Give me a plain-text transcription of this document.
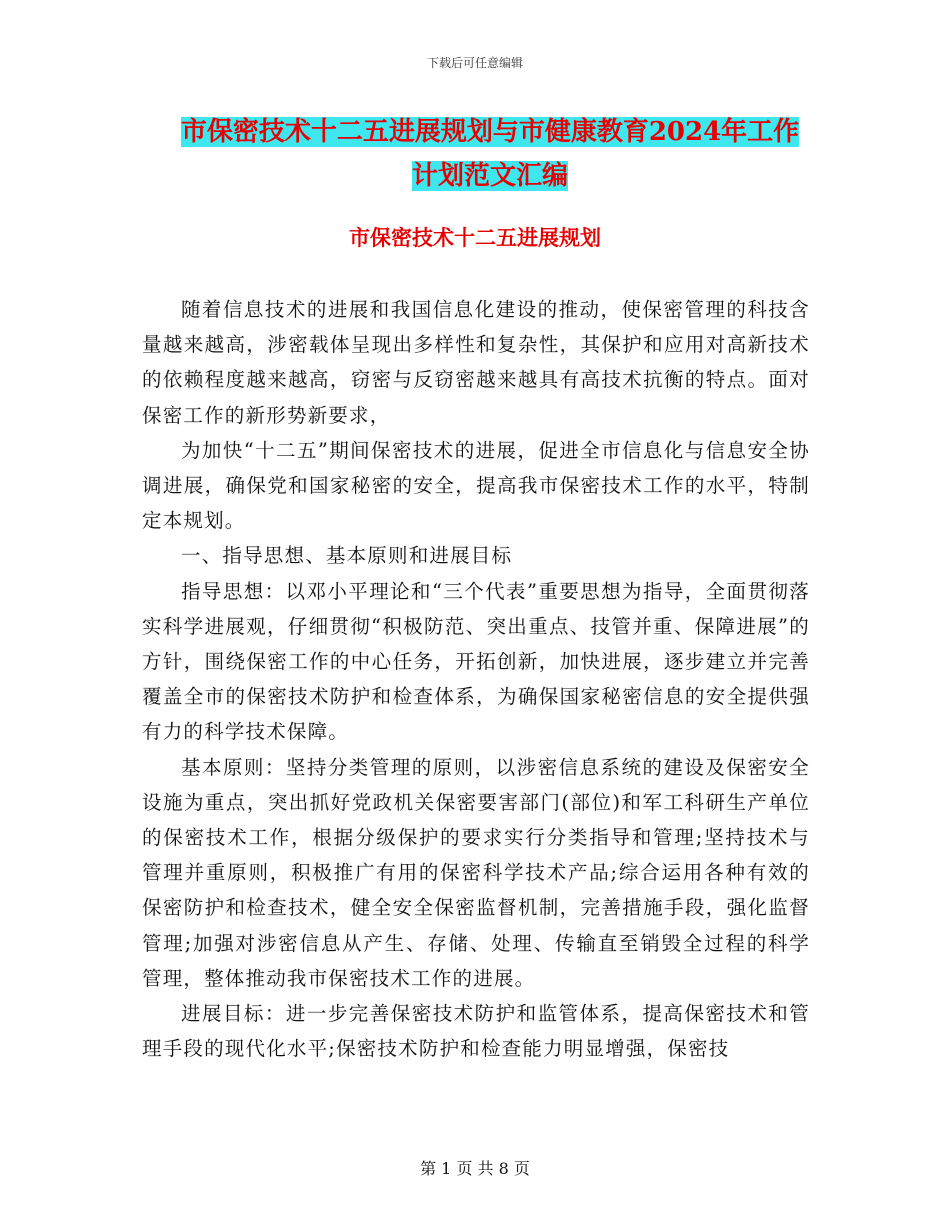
下载后可任意编辑
市保密技术十二五进展规划与市健康教育2024年工作
计划范文汇编
市保密技术十二五进展规划

随着信息技术的进展和我国信息化建设的推动，使保密管理的科技含量越来越高，涉密载体呈现出多样性和复杂性，其保护和应用对高新技术的依赖程度越来越高，窃密与反窃密越来越具有高技术抗衡的特点。面对保密工作的新形势新要求，

为加快“十二五”期间保密技术的进展，促进全市信息化与信息安全协调进展，确保党和国家秘密的安全，提高我市保密技术工作的水平，特制定本规划。

一、指导思想、基本原则和进展目标

指导思想：以邓小平理论和“三个代表”重要思想为指导，全面贯彻落实科学进展观，仔细贯彻“积极防范、突出重点、技管并重、保障进展”的方针，围绕保密工作的中心任务，开拓创新，加快进展，逐步建立并完善覆盖全市的保密技术防护和检查体系，为确保国家秘密信息的安全提供强有力的科学技术保障。

基本原则：坚持分类管理的原则，以涉密信息系统的建设及保密安全设施为重点，突出抓好党政机关保密要害部门(部位)和军工科研生产单位的保密技术工作，根据分级保护的要求实行分类指导和管理;坚持技术与管理并重原则，积极推广有用的保密科学技术产品;综合运用各种有效的保密防护和检查技术，健全安全保密监督机制，完善措施手段，强化监督管理;加强对涉密信息从产生、存储、处理、传输直至销毁全过程的科学管理，整体推动我市保密技术工作的进展。

进展目标：进一步完善保密技术防护和监管体系，提高保密技术和管理手段的现代化水平;保密技术防护和检查能力明显增强，保密技

第 1 页 共 8 页
